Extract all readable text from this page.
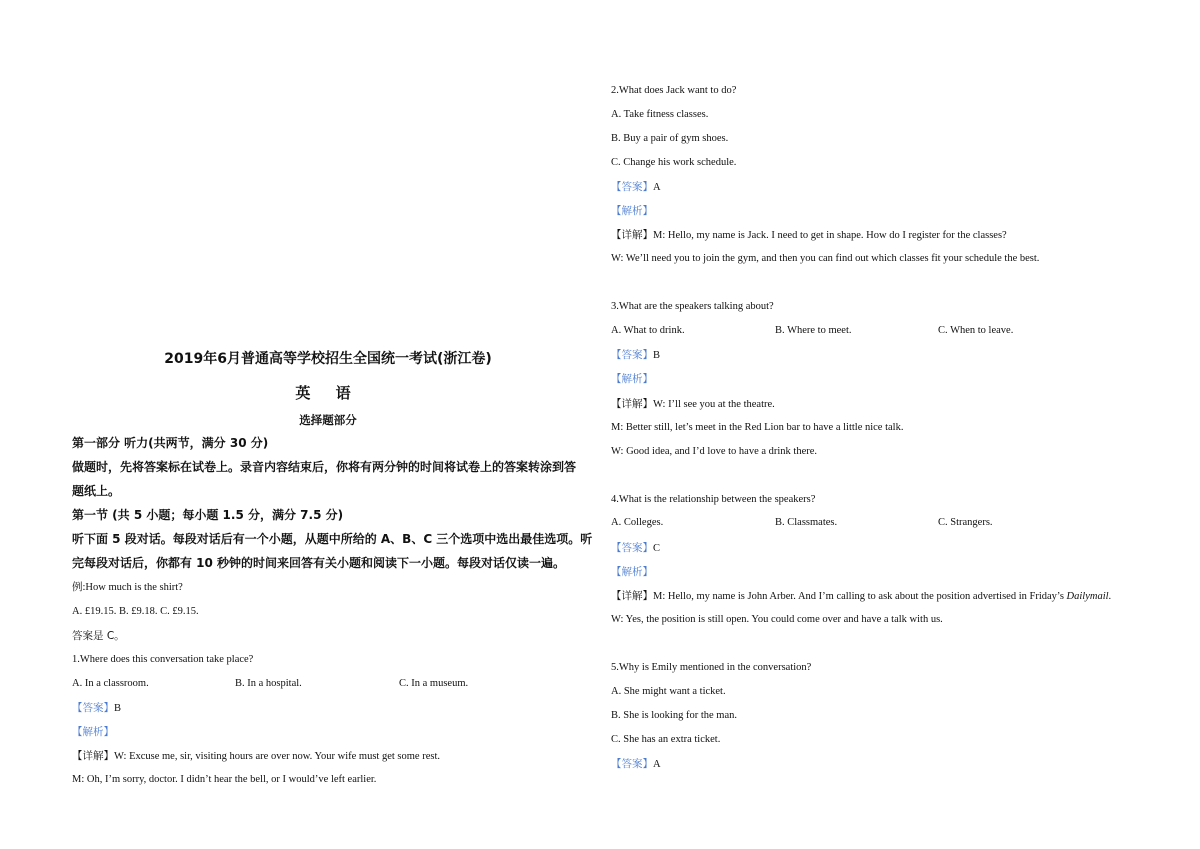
2019年6月普通高等学校招生全国统一考试(浙江卷)
英 语
选择题部分
第一部分 听力(共两节，满分 30 分)
做题时，先将答案标在试卷上。录音内容结束后，你将有两分钟的时间将试卷上的答案转涂到答
题纸上。
第一节 (共 5 小题；每小题 1.5 分，满分 7.5 分)
听下面 5 段对话。每段对话后有一个小题，从题中所给的 A、B、C 三个选项中选出最佳选项。听
完每段对话后，你都有 10 秒钟的时间来回答有关小题和阅读下一小题。每段对话仅读一遍。
例:How much is the shirt?
A. £19.15. B. £9.18. C. £9.15.
答案是 C。
1.Where does this conversation take place?
A. In a classroom.	B. In a hospital.	C. In a museum.
【答案】B
【解析】
【详解】W: Excuse me, sir, visiting hours are over now. Your wife must get some rest.
M: Oh, I’m sorry, doctor. I didn’t hear the bell, or I would’ve left earlier.
2.What does Jack want to do?
A. Take fitness classes.
B. Buy a pair of gym shoes.
C. Change his work schedule.
【答案】A
【解析】
【详解】M: Hello, my name is Jack. I need to get in shape. How do I register for the classes?
W: We’ll need you to join the gym, and then you can find out which classes fit your schedule the best.
3.What are the speakers talking about?
A. What to drink.	B. Where to meet.	C. When to leave.
【答案】B
【解析】
【详解】W: I’ll see you at the theatre.
M: Better still, let’s meet in the Red Lion bar to have a little nice talk.
W: Good idea, and I’d love to have a drink there.
4.What is the relationship between the speakers?
A. Colleges.	B. Classmates.	C. Strangers.
【答案】C
【解析】
【详解】M: Hello, my name is John Arber. And I’m calling to ask about the position advertised in Friday’s Dailymail.
W: Yes, the position is still open. You could come over and have a talk with us.
5.Why is Emily mentioned in the conversation?
A. She might want a ticket.
B. She is looking for the man.
C. She has an extra ticket.
【答案】A
